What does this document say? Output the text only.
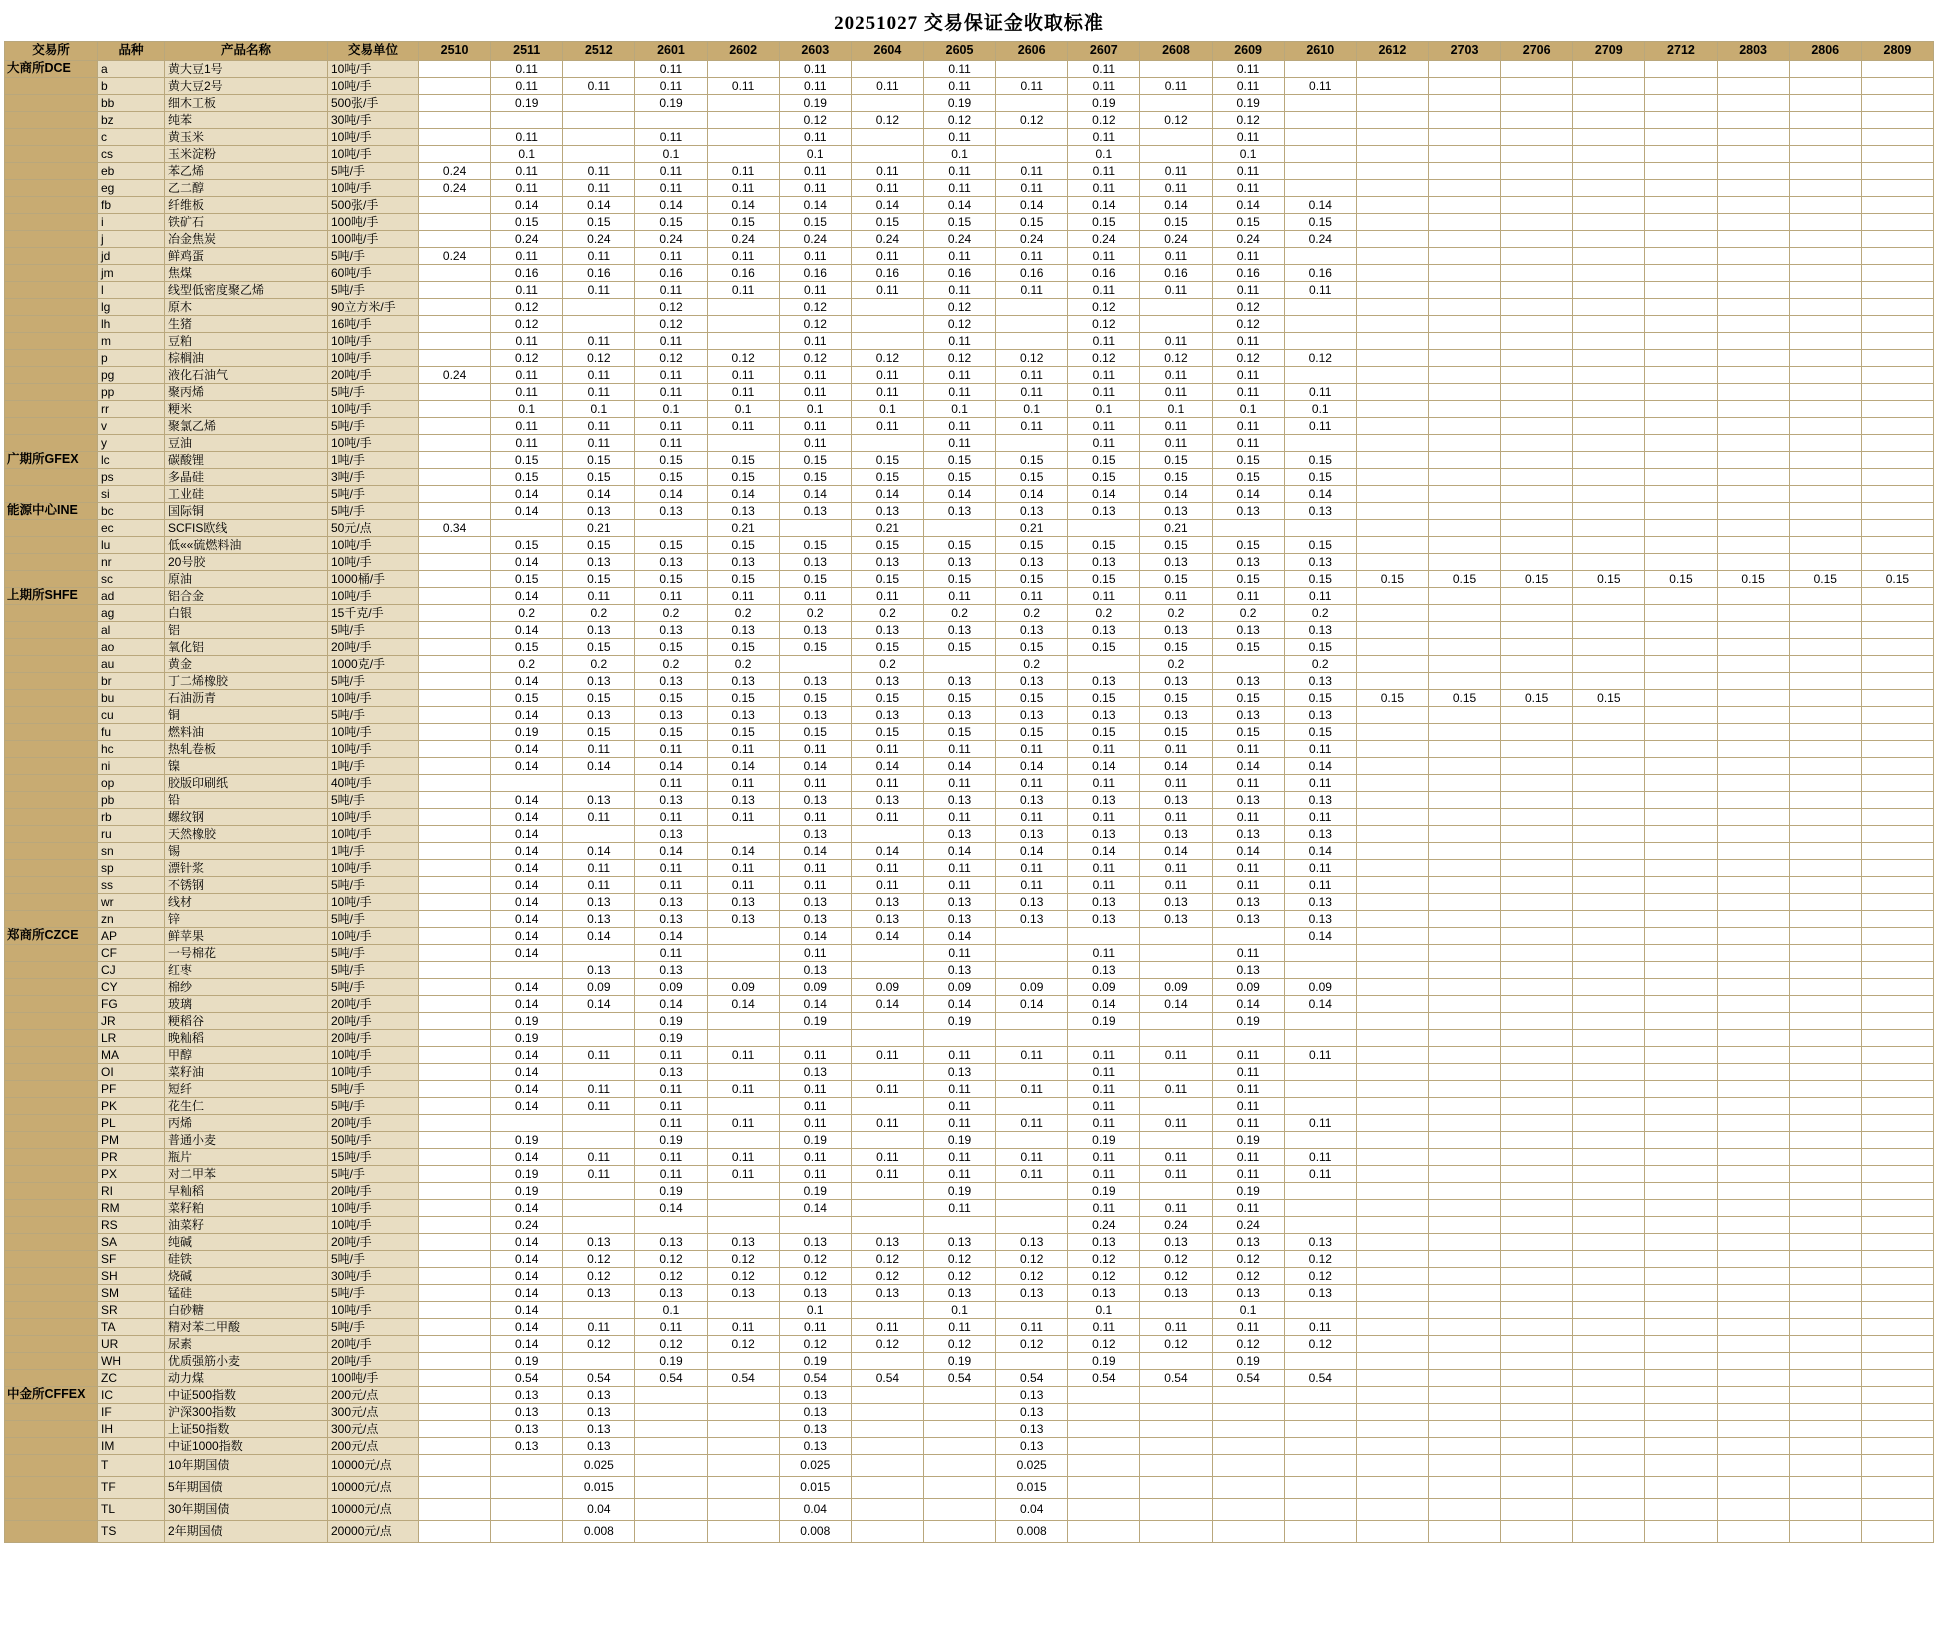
20251027 交易保证金收取标准
交易所	品种	产品名称	交易单位	2510	2511	2512	2601	2602	2603	2604	2605	2606	2607	2608	2609	2610	2612	2703	2706	2709	2712	2803	2806	2809
大商所DCE	a	黄大豆1号	10吨/手		0.11		0.11		0.11		0.11		0.11		0.11									
	b	黄大豆2号	10吨/手		0.11	0.11	0.11	0.11	0.11	0.11	0.11	0.11	0.11	0.11	0.11	0.11								
	bb	细木工板	500张/手		0.19		0.19		0.19		0.19		0.19		0.19									
	bz	纯苯	30吨/手						0.12	0.12	0.12	0.12	0.12	0.12	0.12									
	c	黄玉米	10吨/手		0.11		0.11		0.11		0.11		0.11		0.11									
	cs	玉米淀粉	10吨/手		0.1		0.1		0.1		0.1		0.1		0.1									
	eb	苯乙烯	5吨/手	0.24	0.11	0.11	0.11	0.11	0.11	0.11	0.11	0.11	0.11	0.11	0.11									
	eg	乙二醇	10吨/手	0.24	0.11	0.11	0.11	0.11	0.11	0.11	0.11	0.11	0.11	0.11	0.11									
	fb	纤维板	500张/手		0.14	0.14	0.14	0.14	0.14	0.14	0.14	0.14	0.14	0.14	0.14	0.14								
	i	铁矿石	100吨/手		0.15	0.15	0.15	0.15	0.15	0.15	0.15	0.15	0.15	0.15	0.15	0.15								
	j	冶金焦炭	100吨/手		0.24	0.24	0.24	0.24	0.24	0.24	0.24	0.24	0.24	0.24	0.24	0.24								
	jd	鲜鸡蛋	5吨/手	0.24	0.11	0.11	0.11	0.11	0.11	0.11	0.11	0.11	0.11	0.11	0.11									
	jm	焦煤	60吨/手		0.16	0.16	0.16	0.16	0.16	0.16	0.16	0.16	0.16	0.16	0.16	0.16								
	l	线型低密度聚乙烯	5吨/手		0.11	0.11	0.11	0.11	0.11	0.11	0.11	0.11	0.11	0.11	0.11	0.11								
	lg	原木	90立方米/手		0.12		0.12		0.12		0.12		0.12		0.12									
	lh	生猪	16吨/手		0.12		0.12		0.12		0.12		0.12		0.12									
	m	豆粕	10吨/手		0.11	0.11	0.11		0.11		0.11		0.11	0.11	0.11									
	p	棕榈油	10吨/手		0.12	0.12	0.12	0.12	0.12	0.12	0.12	0.12	0.12	0.12	0.12	0.12								
	pg	液化石油气	20吨/手	0.24	0.11	0.11	0.11	0.11	0.11	0.11	0.11	0.11	0.11	0.11	0.11									
	pp	聚丙烯	5吨/手		0.11	0.11	0.11	0.11	0.11	0.11	0.11	0.11	0.11	0.11	0.11	0.11								
	rr	粳米	10吨/手		0.1	0.1	0.1	0.1	0.1	0.1	0.1	0.1	0.1	0.1	0.1	0.1								
	v	聚氯乙烯	5吨/手		0.11	0.11	0.11	0.11	0.11	0.11	0.11	0.11	0.11	0.11	0.11	0.11								
	y	豆油	10吨/手		0.11	0.11	0.11		0.11		0.11		0.11	0.11	0.11									
广期所GFEX	lc	碳酸锂	1吨/手		0.15	0.15	0.15	0.15	0.15	0.15	0.15	0.15	0.15	0.15	0.15	0.15								
	ps	多晶硅	3吨/手		0.15	0.15	0.15	0.15	0.15	0.15	0.15	0.15	0.15	0.15	0.15	0.15								
	si	工业硅	5吨/手		0.14	0.14	0.14	0.14	0.14	0.14	0.14	0.14	0.14	0.14	0.14	0.14								
能源中心INE	bc	国际铜	5吨/手		0.14	0.13	0.13	0.13	0.13	0.13	0.13	0.13	0.13	0.13	0.13	0.13								
	ec	SCFIS欧线	50元/点	0.34		0.21		0.21		0.21		0.21		0.21										
	lu	低««硫燃料油	10吨/手		0.15	0.15	0.15	0.15	0.15	0.15	0.15	0.15	0.15	0.15	0.15	0.15								
	nr	20号胶	10吨/手		0.14	0.13	0.13	0.13	0.13	0.13	0.13	0.13	0.13	0.13	0.13	0.13								
	sc	原油	1000桶/手		0.15	0.15	0.15	0.15	0.15	0.15	0.15	0.15	0.15	0.15	0.15	0.15	0.15	0.15	0.15	0.15	0.15	0.15	0.15	0.15
上期所SHFE	ad	铝合金	10吨/手		0.14	0.11	0.11	0.11	0.11	0.11	0.11	0.11	0.11	0.11	0.11	0.11								
	ag	白银	15千克/手		0.2	0.2	0.2	0.2	0.2	0.2	0.2	0.2	0.2	0.2	0.2	0.2								
	al	铝	5吨/手		0.14	0.13	0.13	0.13	0.13	0.13	0.13	0.13	0.13	0.13	0.13	0.13								
	ao	氧化铝	20吨/手		0.15	0.15	0.15	0.15	0.15	0.15	0.15	0.15	0.15	0.15	0.15	0.15								
	au	黄金	1000克/手		0.2	0.2	0.2	0.2		0.2		0.2		0.2		0.2								
	br	丁二烯橡胶	5吨/手		0.14	0.13	0.13	0.13	0.13	0.13	0.13	0.13	0.13	0.13	0.13	0.13								
	bu	石油沥青	10吨/手		0.15	0.15	0.15	0.15	0.15	0.15	0.15	0.15	0.15	0.15	0.15	0.15	0.15	0.15	0.15	0.15				
	cu	铜	5吨/手		0.14	0.13	0.13	0.13	0.13	0.13	0.13	0.13	0.13	0.13	0.13	0.13								
	fu	燃料油	10吨/手		0.19	0.15	0.15	0.15	0.15	0.15	0.15	0.15	0.15	0.15	0.15	0.15								
	hc	热轧卷板	10吨/手		0.14	0.11	0.11	0.11	0.11	0.11	0.11	0.11	0.11	0.11	0.11	0.11								
	ni	镍	1吨/手		0.14	0.14	0.14	0.14	0.14	0.14	0.14	0.14	0.14	0.14	0.14	0.14								
	op	胶版印刷纸	40吨/手				0.11	0.11	0.11	0.11	0.11	0.11	0.11	0.11	0.11	0.11								
	pb	铅	5吨/手		0.14	0.13	0.13	0.13	0.13	0.13	0.13	0.13	0.13	0.13	0.13	0.13								
	rb	螺纹钢	10吨/手		0.14	0.11	0.11	0.11	0.11	0.11	0.11	0.11	0.11	0.11	0.11	0.11								
	ru	天然橡胶	10吨/手		0.14		0.13		0.13		0.13	0.13	0.13	0.13	0.13	0.13								
	sn	锡	1吨/手		0.14	0.14	0.14	0.14	0.14	0.14	0.14	0.14	0.14	0.14	0.14	0.14								
	sp	漂针浆	10吨/手		0.14	0.11	0.11	0.11	0.11	0.11	0.11	0.11	0.11	0.11	0.11	0.11								
	ss	不锈钢	5吨/手		0.14	0.11	0.11	0.11	0.11	0.11	0.11	0.11	0.11	0.11	0.11	0.11								
	wr	线材	10吨/手		0.14	0.13	0.13	0.13	0.13	0.13	0.13	0.13	0.13	0.13	0.13	0.13								
	zn	锌	5吨/手		0.14	0.13	0.13	0.13	0.13	0.13	0.13	0.13	0.13	0.13	0.13	0.13								
郑商所CZCE	AP	鲜苹果	10吨/手		0.14	0.14	0.14		0.14	0.14	0.14					0.14								
	CF	一号棉花	5吨/手		0.14		0.11		0.11		0.11		0.11		0.11									
	CJ	红枣	5吨/手			0.13	0.13		0.13		0.13		0.13		0.13									
	CY	棉纱	5吨/手		0.14	0.09	0.09	0.09	0.09	0.09	0.09	0.09	0.09	0.09	0.09	0.09								
	FG	玻璃	20吨/手		0.14	0.14	0.14	0.14	0.14	0.14	0.14	0.14	0.14	0.14	0.14	0.14								
	JR	粳稻谷	20吨/手		0.19		0.19		0.19		0.19		0.19		0.19									
	LR	晚籼稻	20吨/手		0.19		0.19																	
	MA	甲醇	10吨/手		0.14	0.11	0.11	0.11	0.11	0.11	0.11	0.11	0.11	0.11	0.11	0.11								
	OI	菜籽油	10吨/手		0.14		0.13		0.13		0.13		0.11		0.11									
	PF	短纤	5吨/手		0.14	0.11	0.11	0.11	0.11	0.11	0.11	0.11	0.11	0.11	0.11									
	PK	花生仁	5吨/手		0.14	0.11	0.11		0.11		0.11		0.11		0.11									
	PL	丙烯	20吨/手				0.11	0.11	0.11	0.11	0.11	0.11	0.11	0.11	0.11	0.11								
	PM	普通小麦	50吨/手		0.19		0.19		0.19		0.19		0.19		0.19									
	PR	瓶片	15吨/手		0.14	0.11	0.11	0.11	0.11	0.11	0.11	0.11	0.11	0.11	0.11	0.11								
	PX	对二甲苯	5吨/手		0.19	0.11	0.11	0.11	0.11	0.11	0.11	0.11	0.11	0.11	0.11	0.11								
	RI	早籼稻	20吨/手		0.19		0.19		0.19		0.19		0.19		0.19									
	RM	菜籽粕	10吨/手		0.14		0.14		0.14		0.11		0.11	0.11	0.11									
	RS	油菜籽	10吨/手		0.24								0.24	0.24	0.24									
	SA	纯碱	20吨/手		0.14	0.13	0.13	0.13	0.13	0.13	0.13	0.13	0.13	0.13	0.13	0.13								
	SF	硅铁	5吨/手		0.14	0.12	0.12	0.12	0.12	0.12	0.12	0.12	0.12	0.12	0.12	0.12								
	SH	烧碱	30吨/手		0.14	0.12	0.12	0.12	0.12	0.12	0.12	0.12	0.12	0.12	0.12	0.12								
	SM	锰硅	5吨/手		0.14	0.13	0.13	0.13	0.13	0.13	0.13	0.13	0.13	0.13	0.13	0.13								
	SR	白砂糖	10吨/手		0.14		0.1		0.1		0.1		0.1		0.1									
	TA	精对苯二甲酸	5吨/手		0.14	0.11	0.11	0.11	0.11	0.11	0.11	0.11	0.11	0.11	0.11	0.11								
	UR	尿素	20吨/手		0.14	0.12	0.12	0.12	0.12	0.12	0.12	0.12	0.12	0.12	0.12	0.12								
	WH	优质强筋小麦	20吨/手		0.19		0.19		0.19		0.19		0.19		0.19									
	ZC	动力煤	100吨/手		0.54	0.54	0.54	0.54	0.54	0.54	0.54	0.54	0.54	0.54	0.54	0.54								
中金所CFFEX	IC	中证500指数	200元/点		0.13	0.13			0.13			0.13												
	IF	沪深300指数	300元/点		0.13	0.13			0.13			0.13												
	IH	上证50指数	300元/点		0.13	0.13			0.13			0.13												
	IM	中证1000指数	200元/点		0.13	0.13			0.13			0.13												
	T	10年期国债	10000元/点			0.025			0.025			0.025												
	TF	5年期国债	10000元/点			0.015			0.015			0.015												
	TL	30年期国债	10000元/点			0.04			0.04			0.04												
	TS	2年期国债	20000元/点			0.008			0.008			0.008												
